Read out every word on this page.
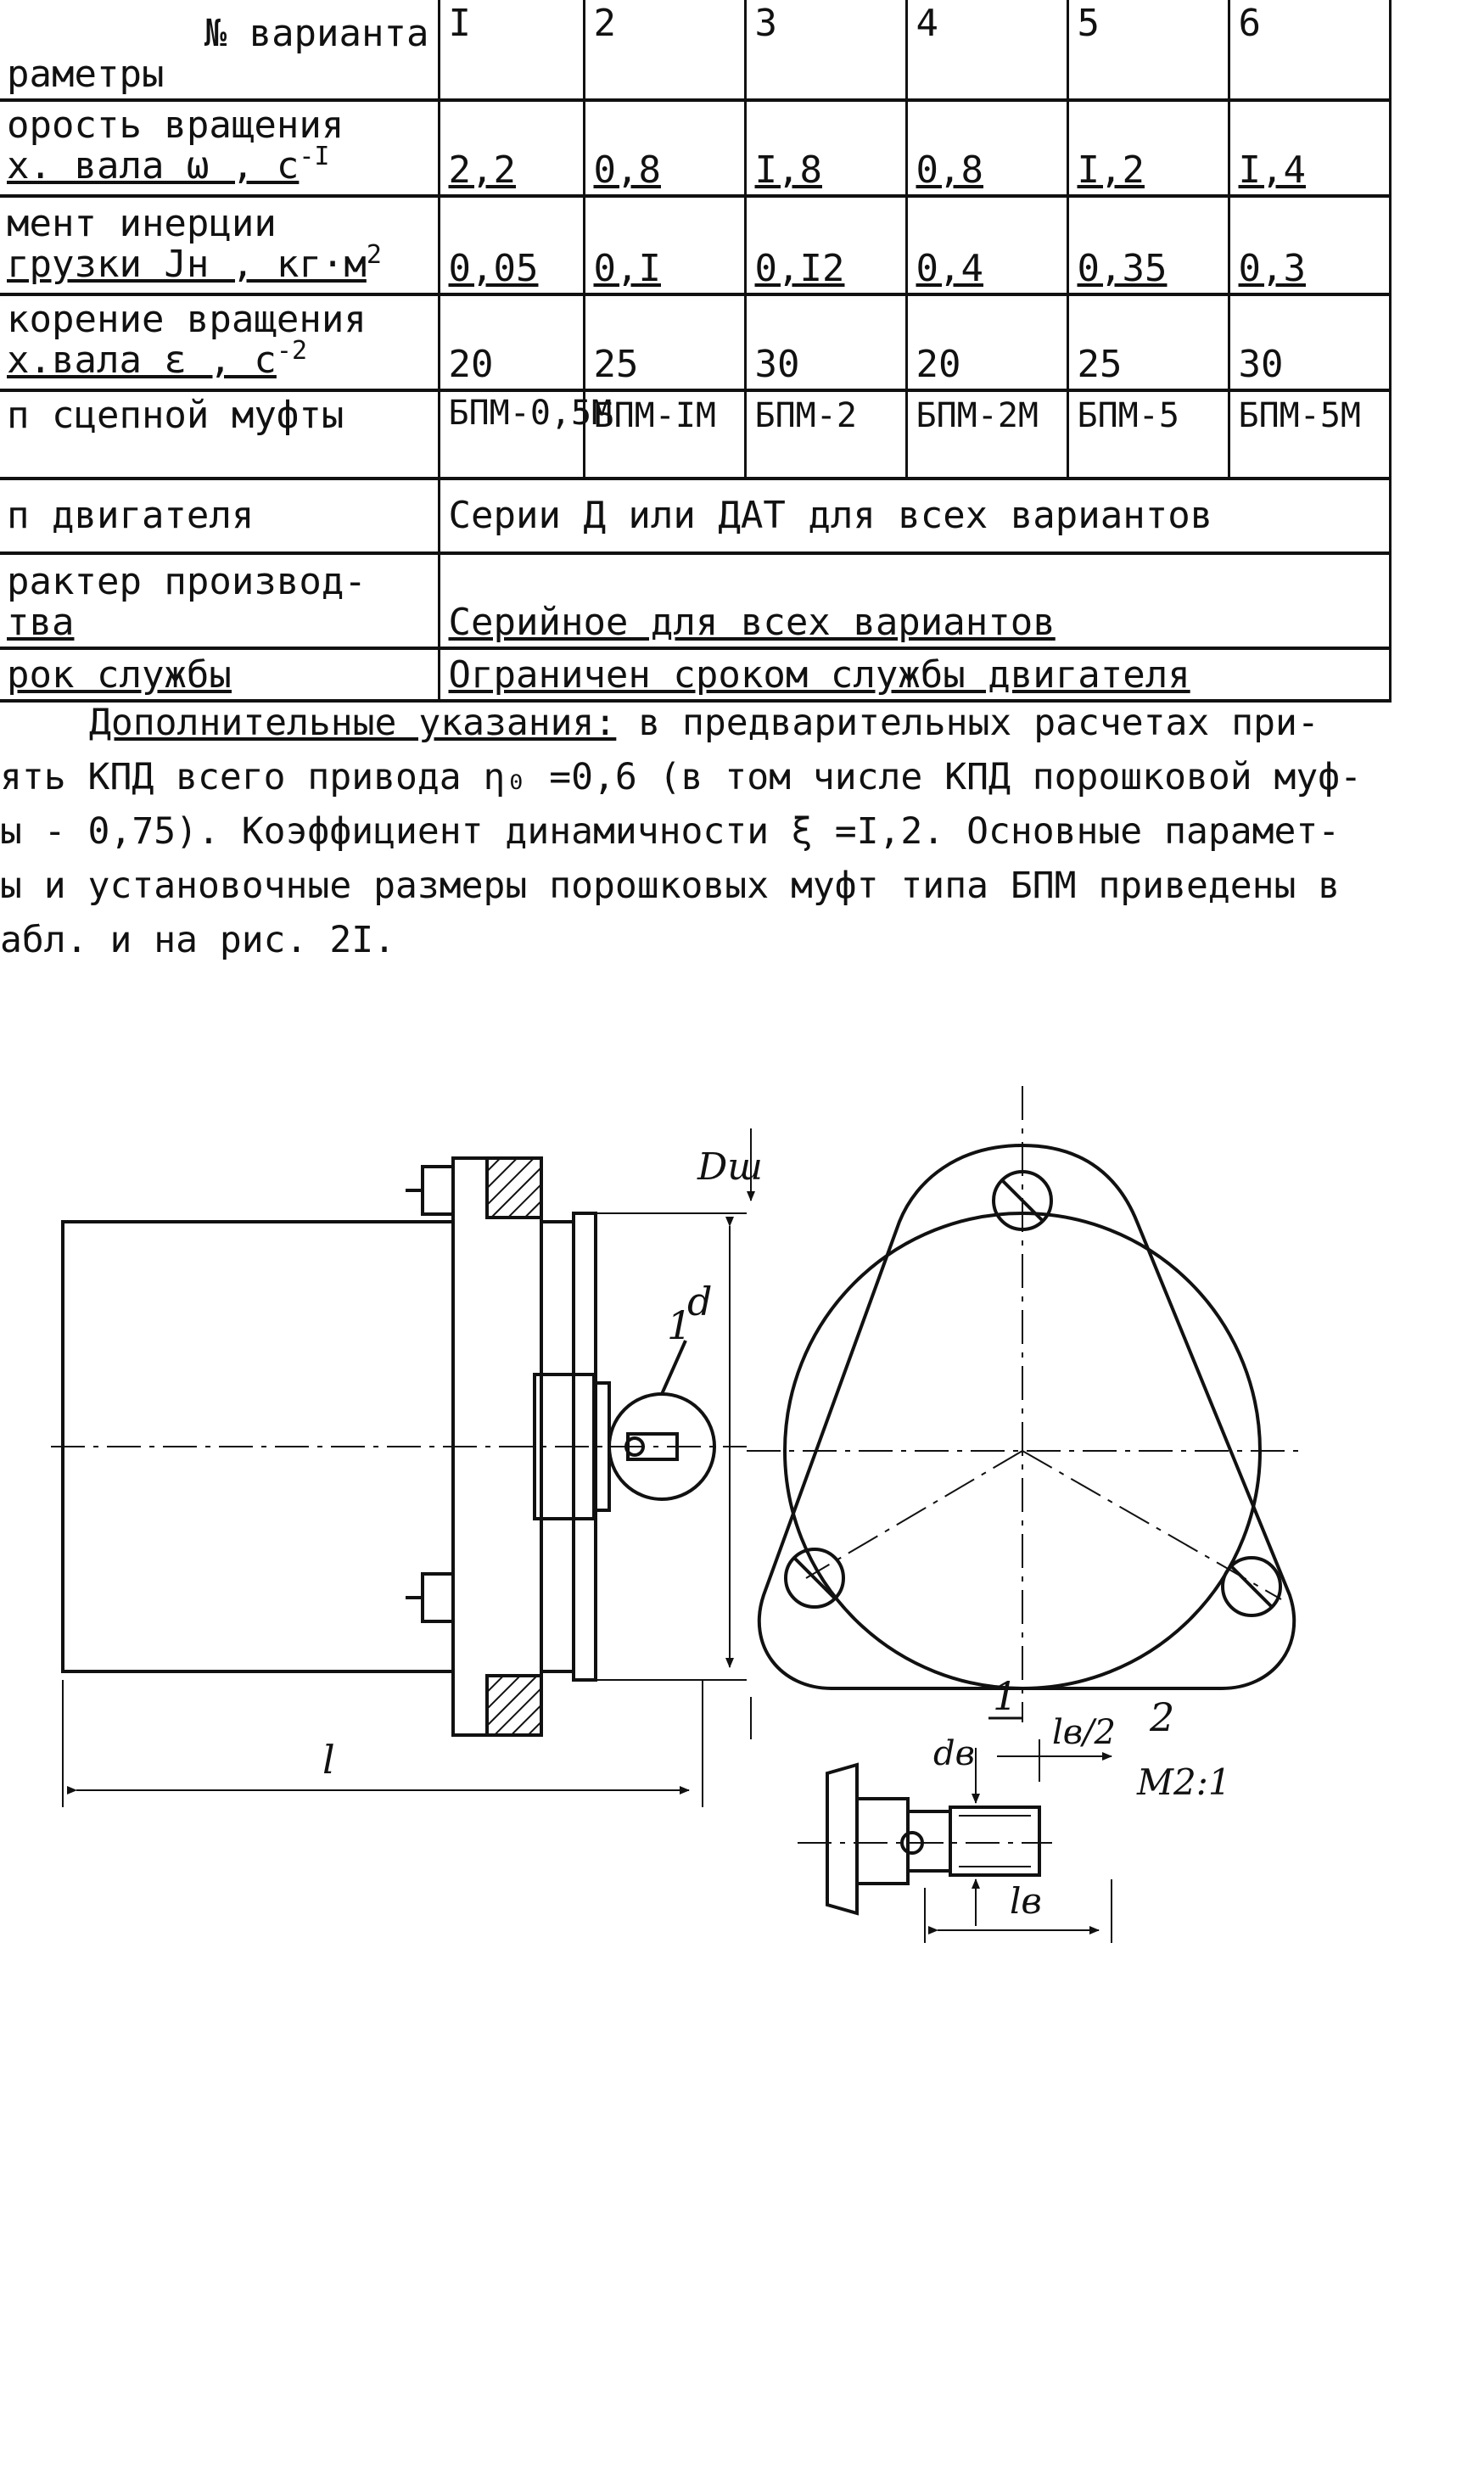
№ варианта
раметры	I	2	3	4	5	6

орость вращения
х. вала ω , $с^{-I}$	2,2	0,8	I,8	0,8	I,2	I,4

мент инерции
грузки Jн , $кг\cdot м^2$	0,05	0,I	0,I2	0,4	0,35	0,3

корение вращения
х.вала ε , $с^{-2}$	20	25	30	20	25	30

п сцепной муфты	БПМ-0,5М	БПМ-IМ	БПМ-2	БПМ-2М	БПМ-5	БПМ-5М

п двигателя	Серии Д или ДАТ для всех вариантов					

рактер производ-
тва	Серийное для всех вариантов					

рок службы	Ограничен сроком службы двигателя					

Дополнительные указания: в предварительных расчетах при-

ять КПД всего привода η₀ =0,6 (в том числе КПД порошковой муф-

ы - 0,75). Коэффициент динамичности ξ =I,2. Основные парамет-

ы и установочные размеры порошковых муфт типа БПМ приведены в

абл. и на рис. 2I.

1
d
Dш
l
1	2
dв
lв/2
М2:1
lв
